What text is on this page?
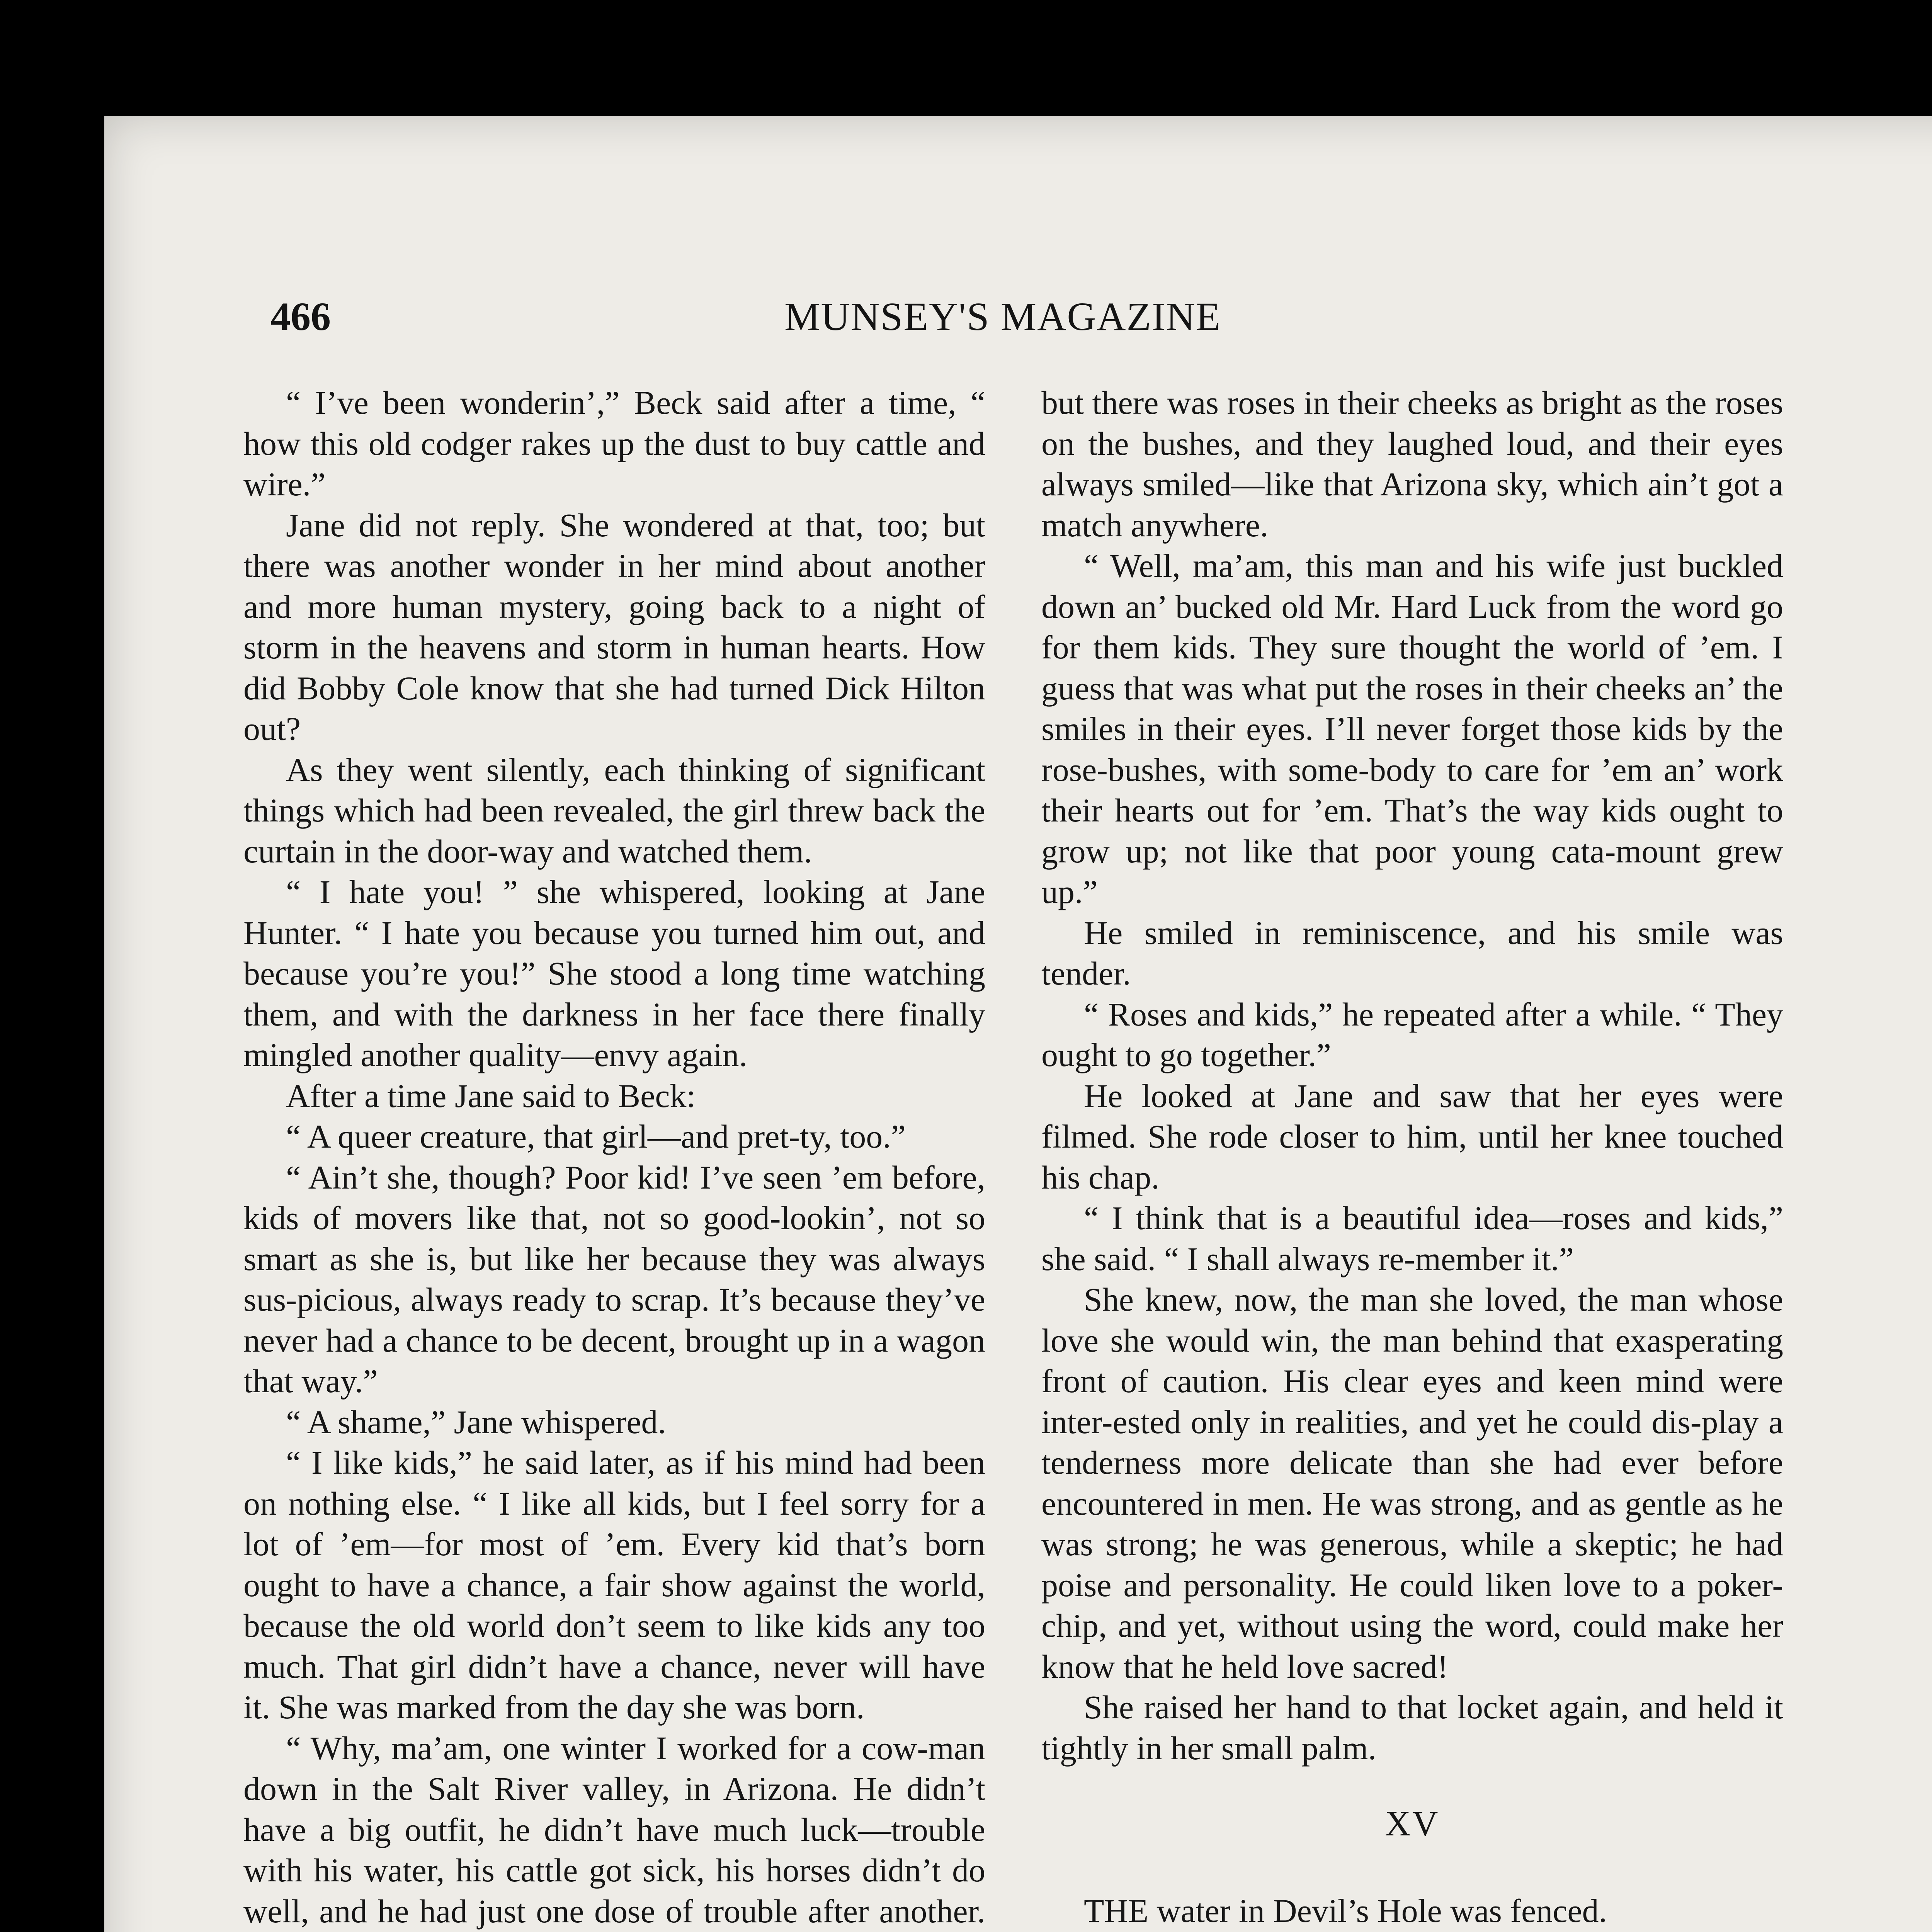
466	MUNSEY'S MAGAZINE

“ I’ve been wonderin’,” Beck said after a time, “ how this old codger rakes up the dust to buy cattle and wire.”

Jane did not reply. She wondered at that, too; but there was another wonder in her mind about another and more human mystery, going back to a night of storm in the heavens and storm in human hearts. How did Bobby Cole know that she had turned Dick Hilton out?

As they went silently, each thinking of significant things which had been revealed, the girl threw back the curtain in the door-way and watched them.

“ I hate you! ” she whispered, looking at Jane Hunter. “ I hate you because you turned him out, and because you’re you!” She stood a long time watching them, and with the darkness in her face there finally mingled another quality—envy again.

After a time Jane said to Beck:

“ A queer creature, that girl—and pret-ty, too.”

“ Ain’t she, though? Poor kid! I’ve seen ’em before, kids of movers like that, not so good-lookin’, not so smart as she is, but like her because they was always sus-picious, always ready to scrap. It’s because they’ve never had a chance to be decent, brought up in a wagon that way.”

“ A shame,” Jane whispered.

“ I like kids,” he said later, as if his mind had been on nothing else. “ I like all kids, but I feel sorry for a lot of ’em—for most of ’em. Every kid that’s born ought to have a chance, a fair show against the world, because the old world don’t seem to like kids any too much. That girl didn’t have a chance, never will have it. She was marked from the day she was born.

“ Why, ma’am, one winter I worked for a cow-man down in the Salt River valley, in Arizona. He didn’t have a big outfit, he didn’t have much luck—trouble with his water, his cattle got sick, his horses didn’t do well, and he had just one dose of trouble after another.

but there was roses in their cheeks as bright as the roses on the bushes, and they laughed loud, and their eyes always smiled—like that Arizona sky, which ain’t got a match anywhere.

“ Well, ma’am, this man and his wife just buckled down an’ bucked old Mr. Hard Luck from the word go for them kids. They sure thought the world of ’em. I guess that was what put the roses in their cheeks an’ the smiles in their eyes. I’ll never forget those kids by the rose-bushes, with some-body to care for ’em an’ work their hearts out for ’em. That’s the way kids ought to grow up; not like that poor young cata-mount grew up.”

He smiled in reminiscence, and his smile was tender.

“ Roses and kids,” he repeated after a while. “ They ought to go together.”

He looked at Jane and saw that her eyes were filmed. She rode closer to him, until her knee touched his chap.

“ I think that is a beautiful idea—roses and kids,” she said. “ I shall always re-member it.”

She knew, now, the man she loved, the man whose love she would win, the man behind that exasperating front of caution. His clear eyes and keen mind were inter-ested only in realities, and yet he could dis-play a tenderness more delicate than she had ever before encountered in men. He was strong, and as gentle as he was strong; he was generous, while a skeptic; he had poise and personality. He could liken love to a poker-chip, and yet, without using the word, could make her know that he held love sacred!

She raised her hand to that locket again, and held it tightly in her small palm.

XV

THE water in Devil’s Hole was fenced.
